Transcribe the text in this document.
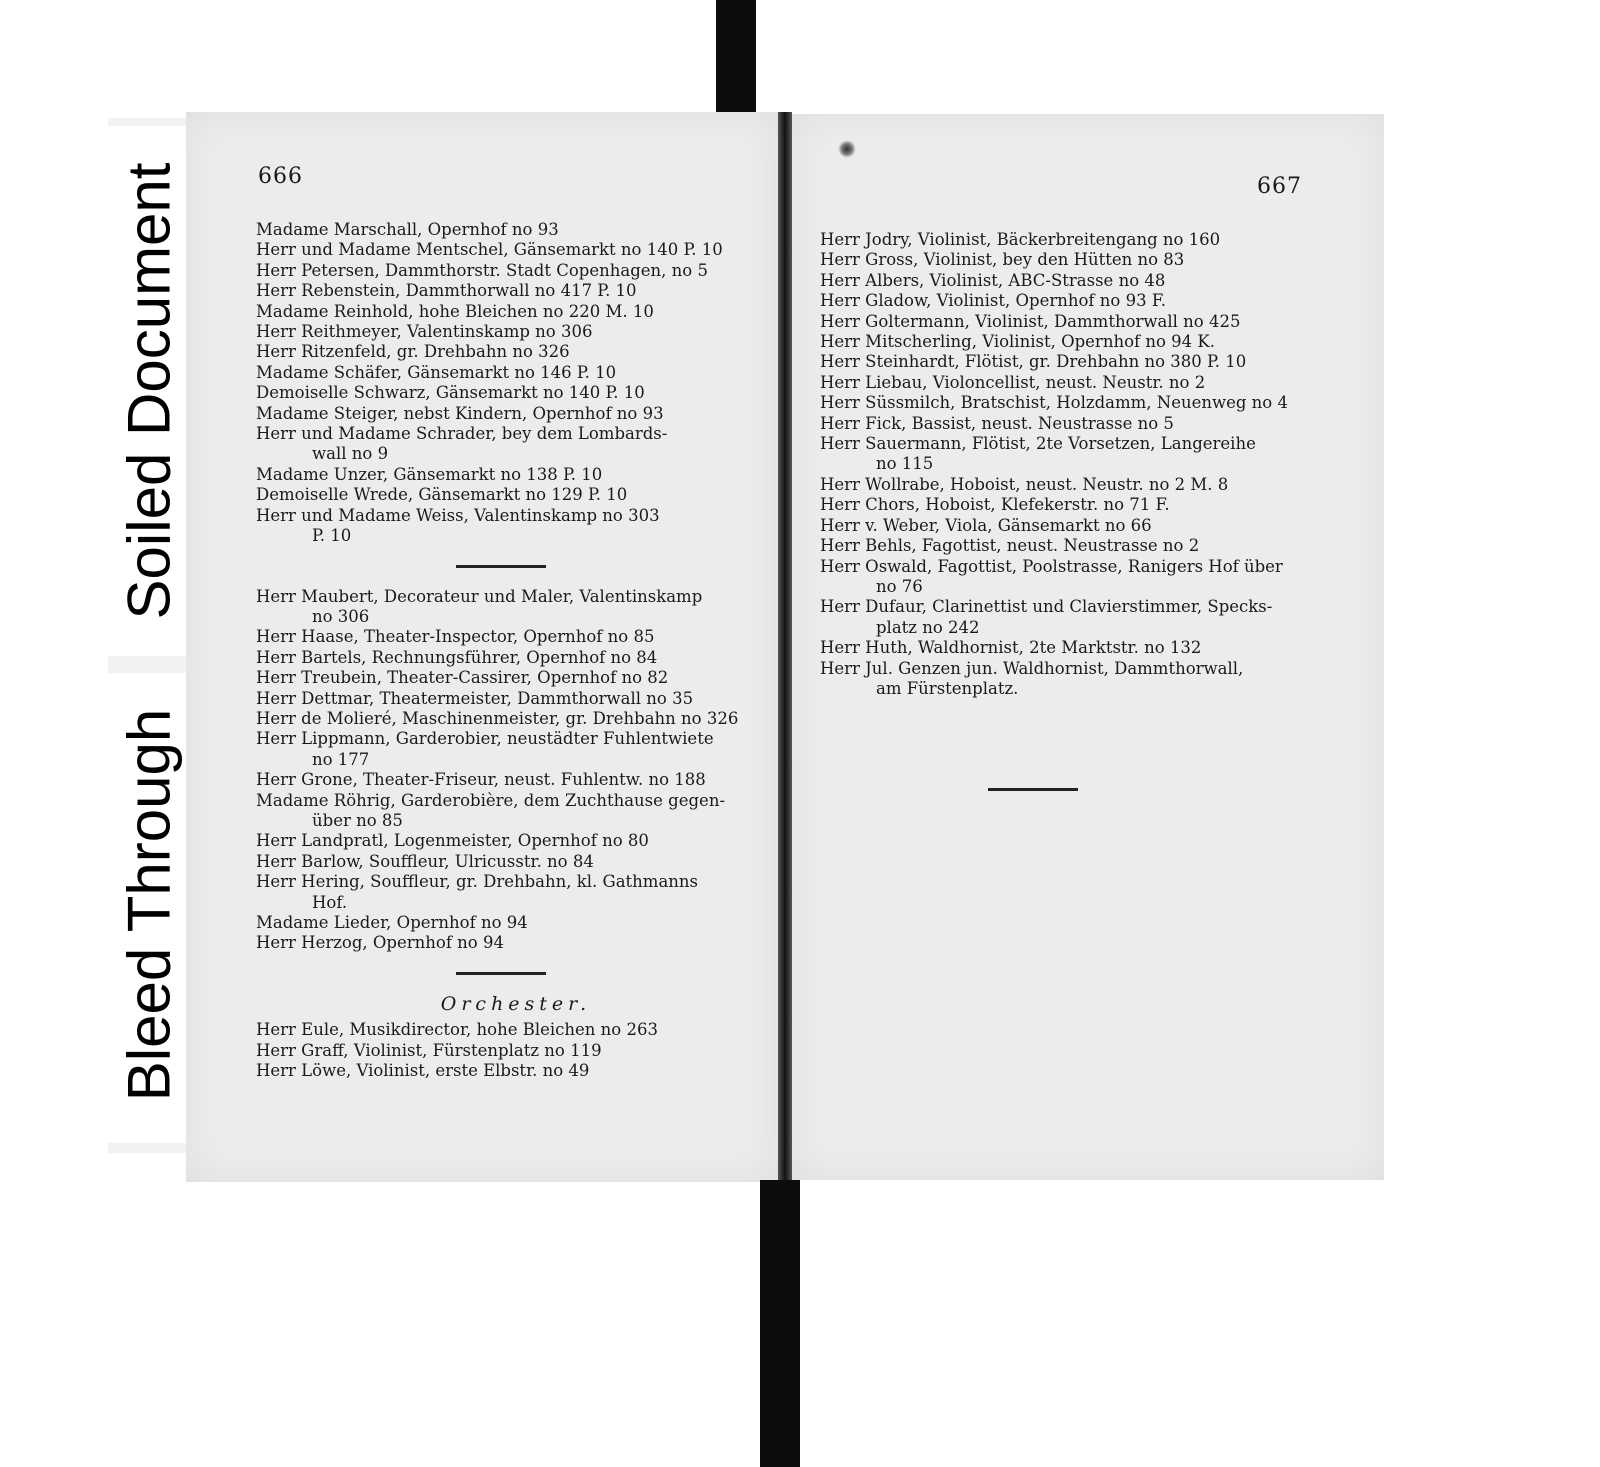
Soiled Document
Bleed Through
666
Madame Marschall, Opernhof no 93
Herr und Madame Mentschel, Gänsemarkt no 140 P. 10
Herr Petersen, Dammthorstr. Stadt Copenhagen, no 5
Herr Rebenstein, Dammthorwall no 417 P. 10
Madame Reinhold, hohe Bleichen no 220 M. 10
Herr Reithmeyer, Valentinskamp no 306
Herr Ritzenfeld, gr. Drehbahn no 326
Madame Schäfer, Gänsemarkt no 146 P. 10
Demoiselle Schwarz, Gänsemarkt no 140 P. 10
Madame Steiger, nebst Kindern, Opernhof no 93
Herr und Madame Schrader, bey dem Lombards-
wall no 9
Madame Unzer, Gänsemarkt no 138 P. 10
Demoiselle Wrede, Gänsemarkt no 129 P. 10
Herr und Madame Weiss, Valentinskamp no 303
P. 10
Herr Maubert, Decorateur und Maler, Valentinskamp
no 306
Herr Haase, Theater-Inspector, Opernhof no 85
Herr Bartels, Rechnungsführer, Opernhof no 84
Herr Treubein, Theater-Cassirer, Opernhof no 82
Herr Dettmar, Theatermeister, Dammthorwall no 35
Herr de Molieré, Maschinenmeister, gr. Drehbahn no 326
Herr Lippmann, Garderobier, neustädter Fuhlentwiete
no 177
Herr Grone, Theater-Friseur, neust. Fuhlentw. no 188
Madame Röhrig, Garderobière, dem Zuchthause gegen-
über no 85
Herr Landpratl, Logenmeister, Opernhof no 80
Herr Barlow, Souffleur, Ulricusstr. no 84
Herr Hering, Souffleur, gr. Drehbahn, kl. Gathmanns
Hof.
Madame Lieder, Opernhof no 94
Herr Herzog, Opernhof no 94
Orchester.
Herr Eule, Musikdirector, hohe Bleichen no 263
Herr Graff, Violinist, Fürstenplatz no 119
Herr Löwe, Violinist, erste Elbstr. no 49
667
Herr Jodry, Violinist, Bäckerbreitengang no 160
Herr Gross, Violinist, bey den Hütten no 83
Herr Albers, Violinist, ABC-Strasse no 48
Herr Gladow, Violinist, Opernhof no 93 F.
Herr Goltermann, Violinist, Dammthorwall no 425
Herr Mitscherling, Violinist, Opernhof no 94 K.
Herr Steinhardt, Flötist, gr. Drehbahn no 380 P. 10
Herr Liebau, Violoncellist, neust. Neustr. no 2
Herr Süssmilch, Bratschist, Holzdamm, Neuenweg no 4
Herr Fick, Bassist, neust. Neustrasse no 5
Herr Sauermann, Flötist, 2te Vorsetzen, Langereihe
no 115
Herr Wollrabe, Hoboist, neust. Neustr. no 2 M. 8
Herr Chors, Hoboist, Klefekerstr. no 71 F.
Herr v. Weber, Viola, Gänsemarkt no 66
Herr Behls, Fagottist, neust. Neustrasse no 2
Herr Oswald, Fagottist, Poolstrasse, Ranigers Hof über
no 76
Herr Dufaur, Clarinettist und Clavierstimmer, Specks-
platz no 242
Herr Huth, Waldhornist, 2te Marktstr. no 132
Herr Jul. Genzen jun. Waldhornist, Dammthorwall,
am Fürstenplatz.
